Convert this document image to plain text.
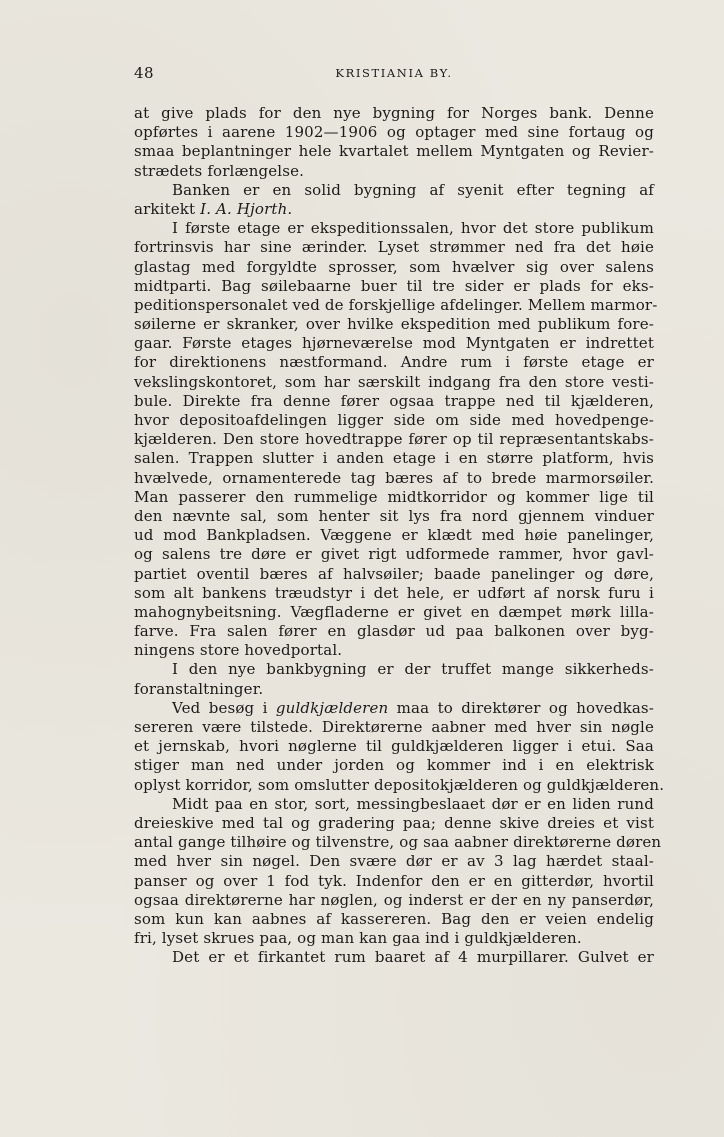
48	KRISTIANIA BY.
at give plads for den nye bygning for Norges bank. Denne
opførtes i aarene 1902—1906 og optager med sine fortaug og
smaa beplantninger hele kvartalet mellem Myntgaten og Revier-
strædets forlængelse.
Banken er en solid bygning af syenit efter tegning af
arkitekt I. A. Hjorth.
I første etage er ekspeditionssalen, hvor det store publikum
fortrinsvis har sine ærinder. Lyset strømmer ned fra det høie
glastag med forgyldte sprosser, som hvælver sig over salens
midtparti. Bag søilebaarne buer til tre sider er plads for eks-
peditionspersonalet ved de forskjellige afdelinger. Mellem marmor-
søilerne er skranker, over hvilke ekspedition med publikum fore-
gaar. Første etages hjørneværelse mod Myntgaten er indrettet
for direktionens næstformand. Andre rum i første etage er
vekslingskontoret, som har særskilt indgang fra den store vesti-
bule. Direkte fra denne fører ogsaa trappe ned til kjælderen,
hvor depositoafdelingen ligger side om side med hovedpenge-
kjælderen. Den store hovedtrappe fører op til repræsentantskabs-
salen. Trappen slutter i anden etage i en større platform, hvis
hvælvede, ornamenterede tag bæres af to brede marmorsøiler.
Man passerer den rummelige midtkorridor og kommer lige til
den nævnte sal, som henter sit lys fra nord gjennem vinduer
ud mod Bankpladsen. Væggene er klædt med høie panelinger,
og salens tre døre er givet rigt udformede rammer, hvor gavl-
partiet oventil bæres af halvsøiler; baade panelinger og døre,
som alt bankens træudstyr i det hele, er udført af norsk furu i
mahognybeitsning. Vægfladerne er givet en dæmpet mørk lilla-
farve. Fra salen fører en glasdør ud paa balkonen over byg-
ningens store hovedportal.
I den nye bankbygning er der truffet mange sikkerheds-
foranstaltninger.
Ved besøg i guldkjælderen maa to direktører og hovedkas-
sereren være tilstede. Direktørerne aabner med hver sin nøgle
et jernskab, hvori nøglerne til guldkjælderen ligger i etui. Saa
stiger man ned under jorden og kommer ind i en elektrisk
oplyst korridor, som omslutter depositokjælderen og guldkjælderen.
Midt paa en stor, sort, messingbeslaaet dør er en liden rund
dreieskive med tal og gradering paa; denne skive dreies et vist
antal gange tilhøire og tilvenstre, og saa aabner direktørerne døren
med hver sin nøgel. Den svære dør er av 3 lag hærdet staal-
panser og over 1 fod tyk. Indenfor den er en gitterdør, hvortil
ogsaa direktørerne har nøglen, og inderst er der en ny panserdør,
som kun kan aabnes af kassereren. Bag den er veien endelig
fri, lyset skrues paa, og man kan gaa ind i guldkjælderen.
Det er et firkantet rum baaret af 4 murpillarer. Gulvet er
